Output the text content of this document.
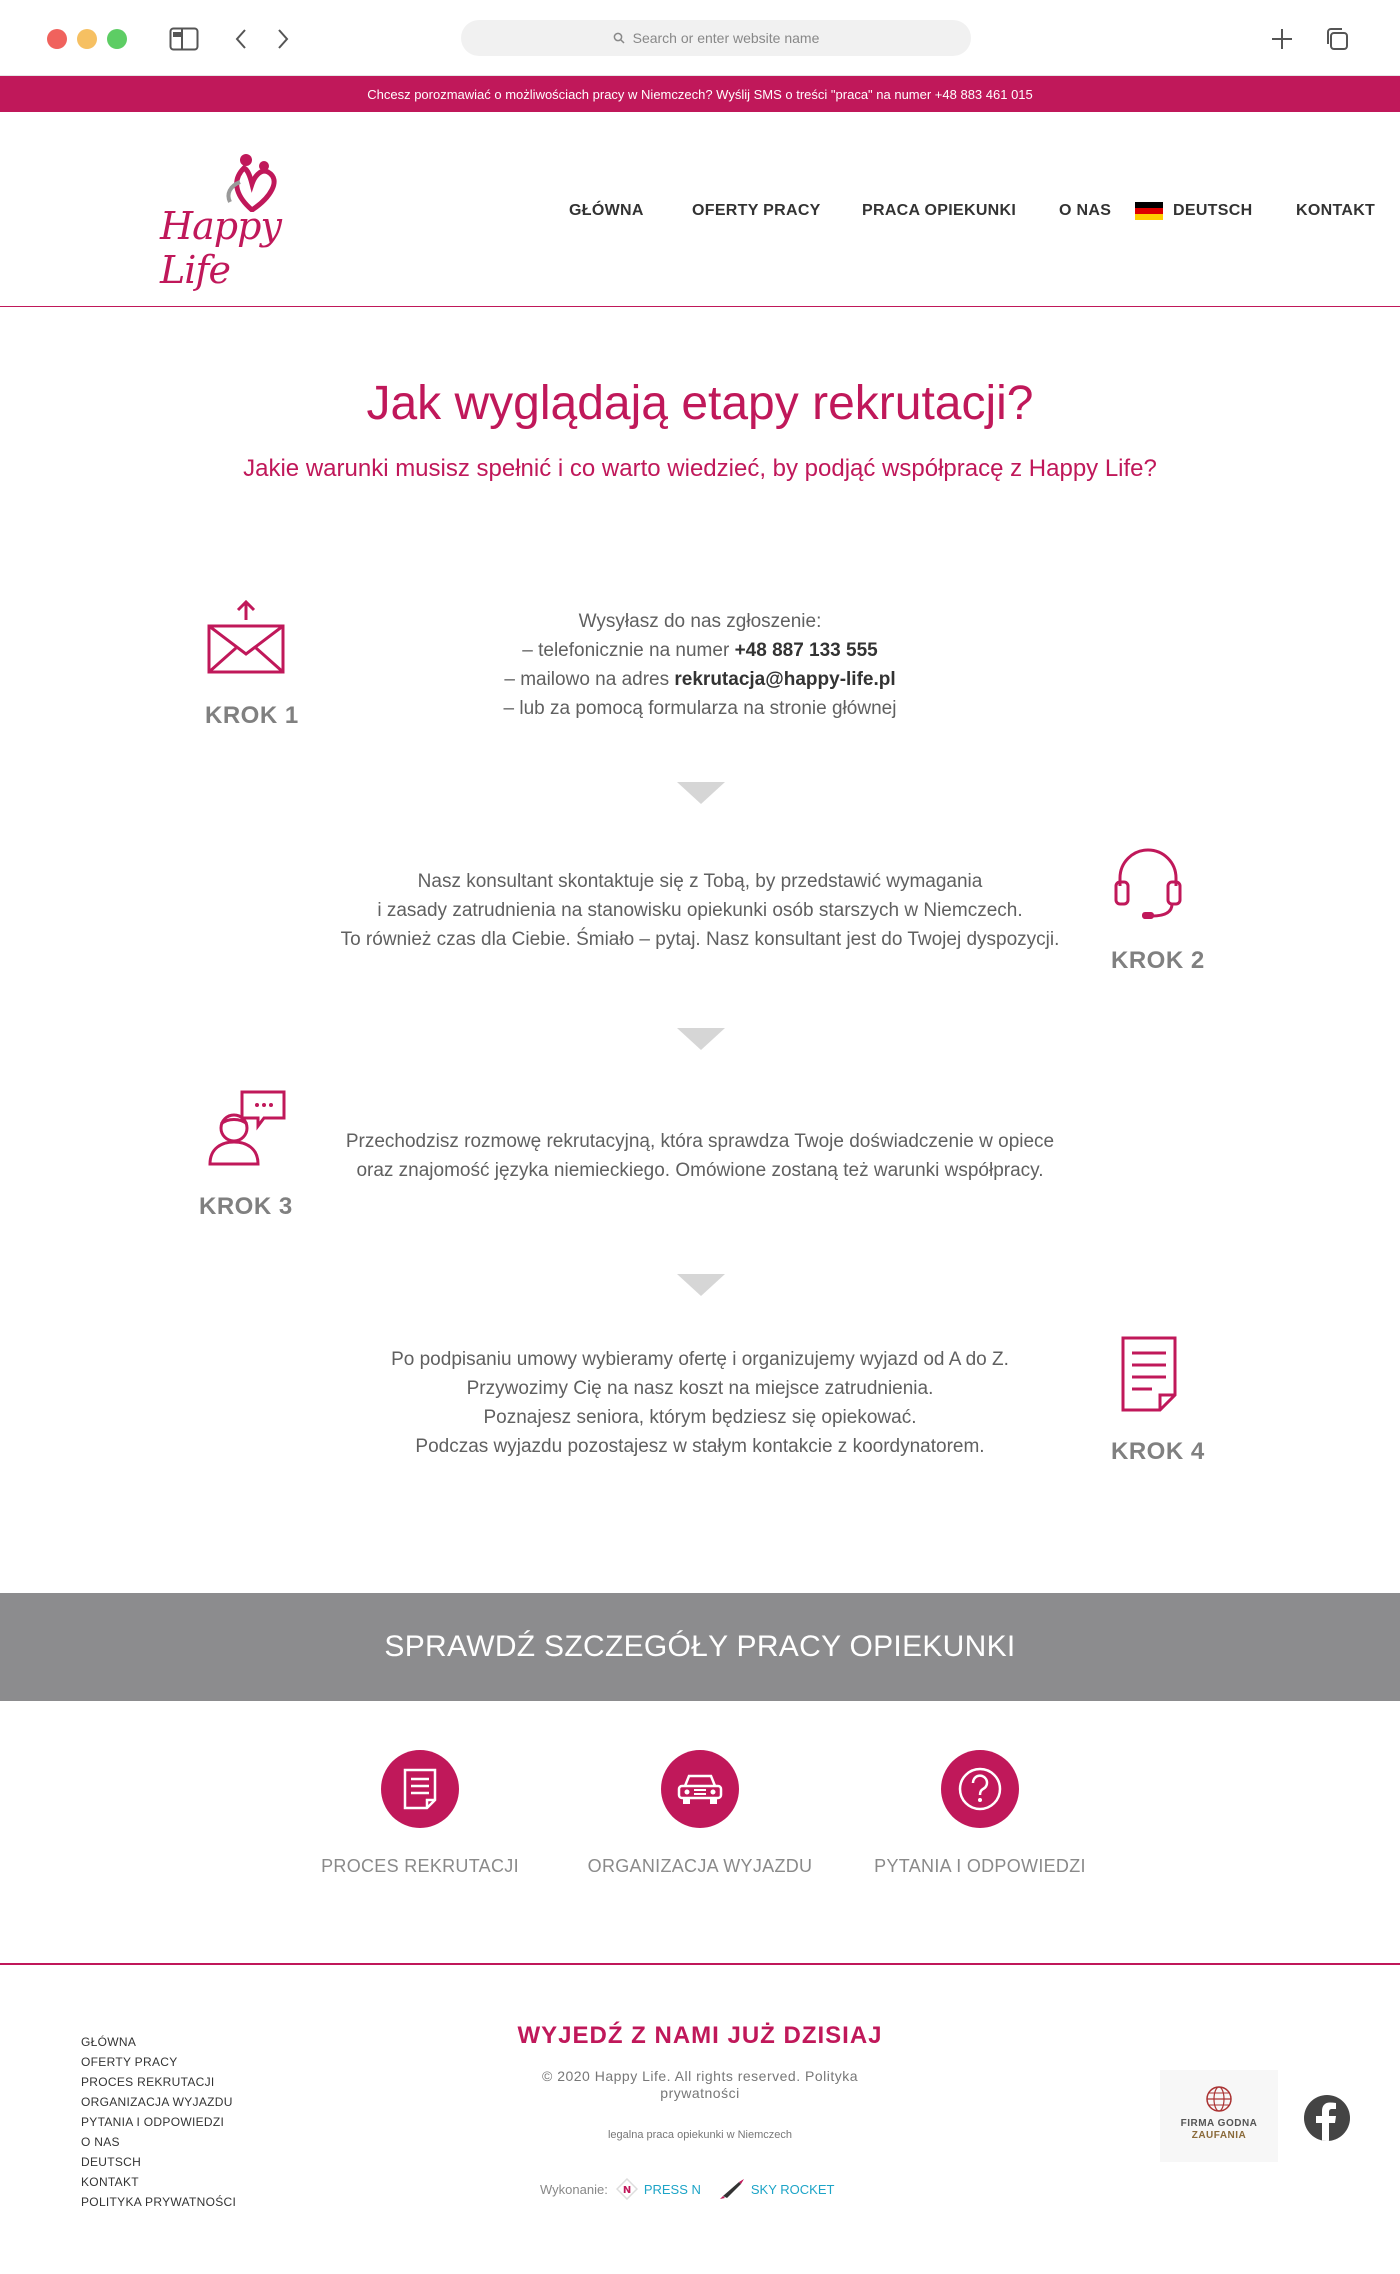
Search or enter website name
Chcesz porozmawiać o możliwościach pracy w Niemczech? Wyślij SMS o treści "praca" na numer +48 883 461 015
Happy Life
GŁÓWNA	OFERTY PRACY	PRACA OPIEKUNKI	O NAS	DEUTSCH	KONTAKT
Jak wyglądają etapy rekrutacji?
Jakie warunki musisz spełnić i co warto wiedzieć, by podjąć współpracę z Happy Life?
KROK 1
Wysyłasz do nas zgłoszenie:
– telefonicznie na numer +48 887 133 555
– mailowo na adres rekrutacja@happy-life.pl
– lub za pomocą formularza na stronie głównej
Nasz konsultant skontaktuje się z Tobą, by przedstawić wymagania
i zasady zatrudnienia na stanowisku opiekunki osób starszych w Niemczech.
To również czas dla Ciebie. Śmiało – pytaj. Nasz konsultant jest do Twojej dyspozycji.
KROK 2
KROK 3
Przechodzisz rozmowę rekrutacyjną, która sprawdza Twoje doświadczenie w opiece
oraz znajomość języka niemieckiego. Omówione zostaną też warunki współpracy.
Po podpisaniu umowy wybieramy ofertę i organizujemy wyjazd od A do Z.
Przywozimy Cię na nasz koszt na miejsce zatrudnienia.
Poznajesz seniora, którym będziesz się opiekować.
Podczas wyjazdu pozostajesz w stałym kontakcie z koordynatorem.	KROK 4
SPRAWDŹ SZCZEGÓŁY PRACY OPIEKUNKI
PROCES REKRUTACJI	ORGANIZACJA WYJAZDU	PYTANIA I ODPOWIEDZI
GŁÓWNA
OFERTY PRACY
PROCES REKRUTACJI
ORGANIZACJA WYJAZDU
PYTANIA I ODPOWIEDZI
O NAS
DEUTSCH
KONTAKT
POLITYKA PRYWATNOŚCI
WYJEDŹ Z NAMI JUŻ DZISIAJ
© 2020 Happy Life. All rights reserved. Polityka prywatności
legalna praca opiekunki w Niemczech
Wykonanie: N PRESS N	SKY ROCKET
FIRMA GODNA
ZAUFANIA
